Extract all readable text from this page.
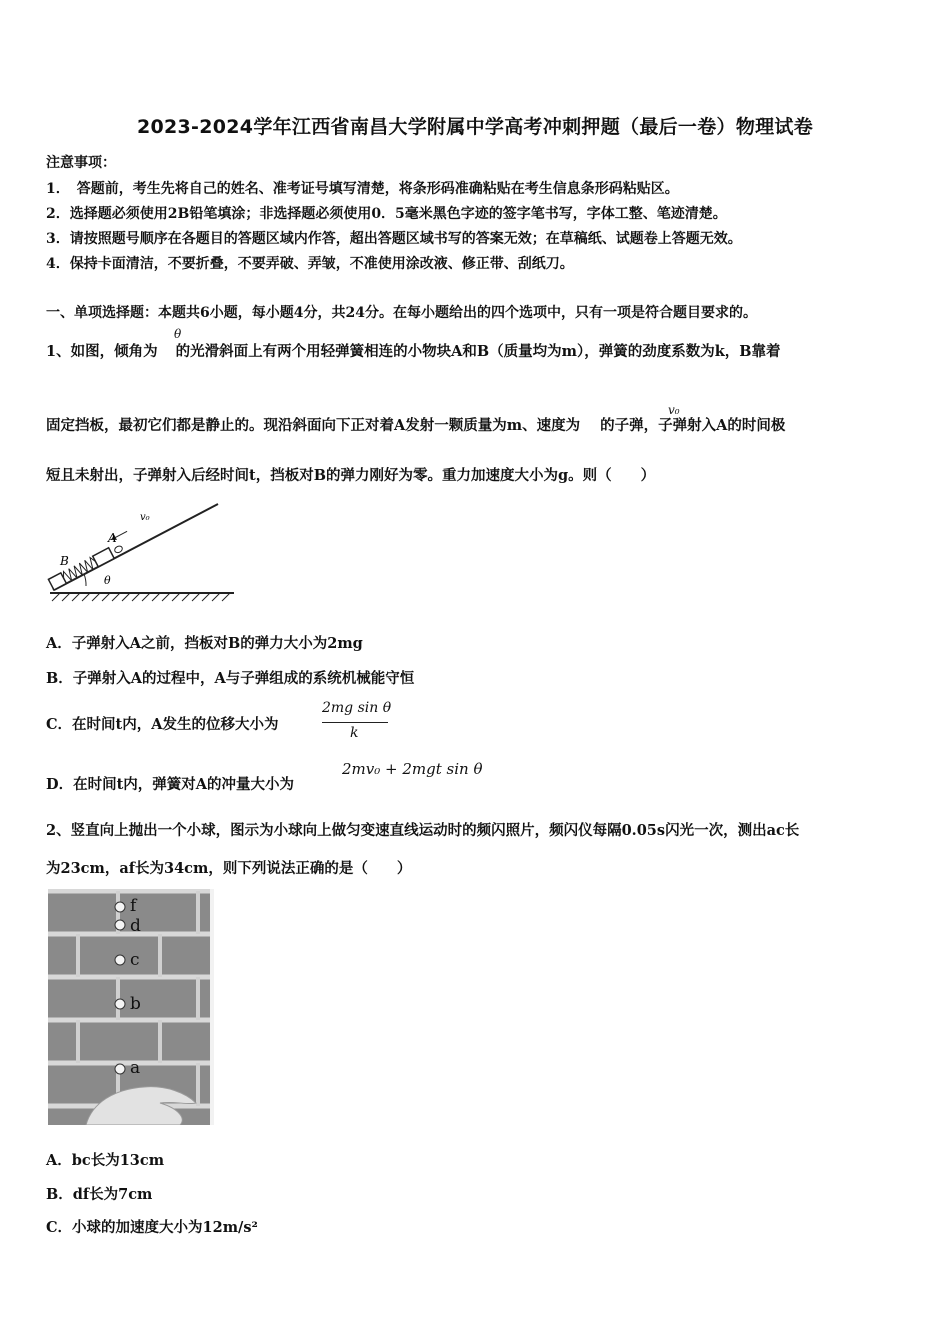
2023-2024学年江西省南昌大学附属中学高考冲刺押题（最后一卷）物理试卷
注意事项：
1．　答题前，考生先将自己的姓名、准考证号填写清楚，将条形码准确粘贴在考生信息条形码粘贴区。
2．选择题必须使用2B铅笔填涂；非选择题必须使用0．5毫米黑色字迹的签字笔书写，字体工整、笔迹清楚。
3．请按照题号顺序在各题目的答题区域内作答，超出答题区域书写的答案无效；在草稿纸、试题卷上答题无效。
4．保持卡面清洁，不要折叠，不要弄破、弄皱，不准使用涂改液、修正带、刮纸刀。
一、单项选择题：本题共6小题，每小题4分，共24分。在每小题给出的四个选项中，只有一项是符合题目要求的。
1、如图，倾角为 的光滑斜面上有两个用轻弹簧相连的小物块A和B（质量均为m），弹簧的劲度系数为k，B靠着
θ
固定挡板，最初它们都是静止的。现沿斜面向下正对着A发射一颗质量为m、速度为 的子弹，子弹射入A的时间极
v₀
短且未射出，子弹射入后经时间t，挡板对B的弹力刚好为零。重力加速度大小为g。则（　　）
B
A
v₀
θ
A．子弹射入A之前，挡板对B的弹力大小为2mg
B．子弹射入A的过程中，A与子弹组成的系统机械能守恒
C．在时间t内，A发生的位移大小为
2mg sin θ
k
D．在时间t内，弹簧对A的冲量大小为
2mv₀ + 2mgt sin θ
2、竖直向上抛出一个小球，图示为小球向上做匀变速直线运动时的频闪照片，频闪仪每隔0.05s闪光一次，测出ac长
为23cm，af长为34cm，则下列说法正确的是（　　）
f
d
c
b
a
A．bc长为13cm
B．df长为7cm
C．小球的加速度大小为12m/s²
